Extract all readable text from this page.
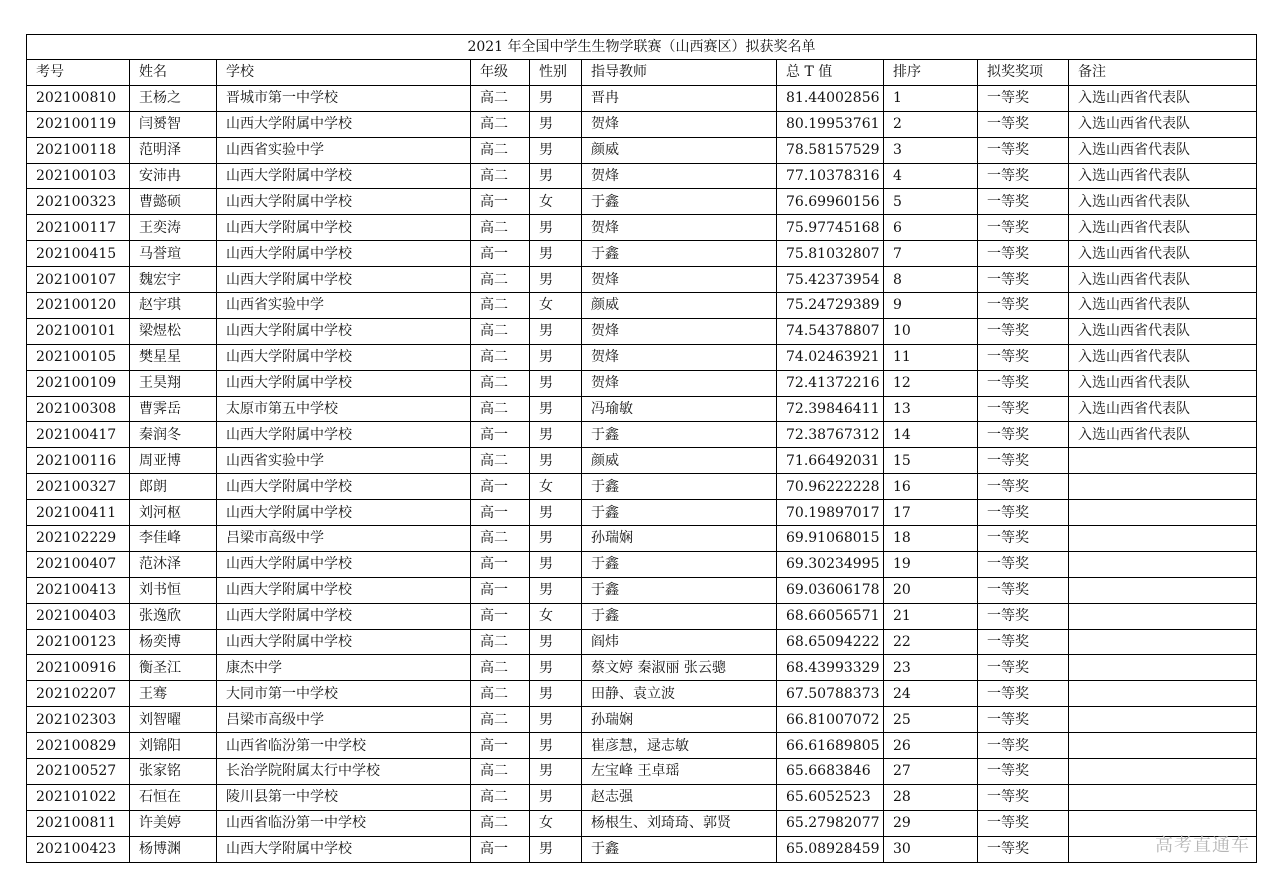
2021 年全国中学生生物学联赛（山西赛区）拟获奖名单
考号	姓名	学校	年级	性别	指导教师	总 T 值	排序	拟奖奖项	备注
202100810	王杨之	晋城市第一中学校	高二	男	晋冉	81.44002856	1	一等奖	入选山西省代表队
202100119	闫赟智	山西大学附属中学校	高二	男	贺烽	80.19953761	2	一等奖	入选山西省代表队
202100118	范明泽	山西省实验中学	高二	男	颜威	78.58157529	3	一等奖	入选山西省代表队
202100103	安沛冉	山西大学附属中学校	高二	男	贺烽	77.10378316	4	一等奖	入选山西省代表队
202100323	曹懿硕	山西大学附属中学校	高一	女	于鑫	76.69960156	5	一等奖	入选山西省代表队
202100117	王奕涛	山西大学附属中学校	高二	男	贺烽	75.97745168	6	一等奖	入选山西省代表队
202100415	马誉瑄	山西大学附属中学校	高一	男	于鑫	75.81032807	7	一等奖	入选山西省代表队
202100107	魏宏宇	山西大学附属中学校	高二	男	贺烽	75.42373954	8	一等奖	入选山西省代表队
202100120	赵宇琪	山西省实验中学	高二	女	颜威	75.24729389	9	一等奖	入选山西省代表队
202100101	梁煜松	山西大学附属中学校	高二	男	贺烽	74.54378807	10	一等奖	入选山西省代表队
202100105	樊星星	山西大学附属中学校	高二	男	贺烽	74.02463921	11	一等奖	入选山西省代表队
202100109	王昊翔	山西大学附属中学校	高二	男	贺烽	72.41372216	12	一等奖	入选山西省代表队
202100308	曹霁岳	太原市第五中学校	高二	男	冯瑜敏	72.39846411	13	一等奖	入选山西省代表队
202100417	秦润冬	山西大学附属中学校	高一	男	于鑫	72.38767312	14	一等奖	入选山西省代表队
202100116	周亚博	山西省实验中学	高二	男	颜威	71.66492031	15	一等奖	
202100327	郎朗	山西大学附属中学校	高一	女	于鑫	70.96222228	16	一等奖	
202100411	刘河枢	山西大学附属中学校	高一	男	于鑫	70.19897017	17	一等奖	
202102229	李佳峰	吕梁市高级中学	高二	男	孙瑞娴	69.91068015	18	一等奖	
202100407	范沐泽	山西大学附属中学校	高一	男	于鑫	69.30234995	19	一等奖	
202100413	刘书恒	山西大学附属中学校	高一	男	于鑫	69.03606178	20	一等奖	
202100403	张逸欣	山西大学附属中学校	高一	女	于鑫	68.66056571	21	一等奖	
202100123	杨奕博	山西大学附属中学校	高二	男	阎炜	68.65094222	22	一等奖	
202100916	衡圣江	康杰中学	高二	男	蔡文婷 秦淑丽 张云骢	68.43993329	23	一等奖	
202102207	王骞	大同市第一中学校	高二	男	田静、袁立波	67.50788373	24	一等奖	
202102303	刘智曜	吕梁市高级中学	高二	男	孙瑞娴	66.81007072	25	一等奖	
202100829	刘锦阳	山西省临汾第一中学校	高一	男	崔彦慧，逯志敏	66.61689805	26	一等奖	
202100527	张家铭	长治学院附属太行中学校	高二	男	左宝峰 王卓瑶	65.6683846	27	一等奖	
202101022	石恒在	陵川县第一中学校	高二	男	赵志强	65.6052523	28	一等奖	
202100811	许美婷	山西省临汾第一中学校	高二	女	杨根生、刘琦琦、郭贤	65.27982077	29	一等奖	
202100423	杨博渊	山西大学附属中学校	高一	男	于鑫	65.08928459	30	一等奖		高考直通车
